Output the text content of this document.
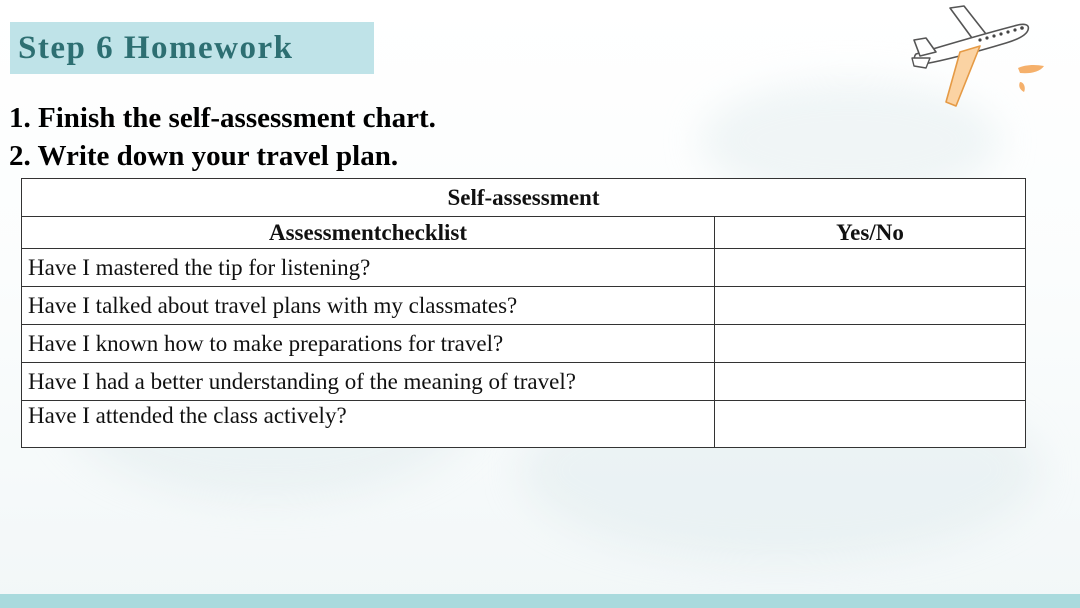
Step 6 Homework
1. Finish the self-assessment chart.
2. Write down your travel plan.
Self-assessment	
Assessmentchecklist	Yes/No
Have I mastered the tip for listening?	
Have I talked about travel plans with my classmates?	
Have I known how to make preparations for travel?	
Have I had a better understanding of the meaning of travel?	
Have I attended the class actively?	
